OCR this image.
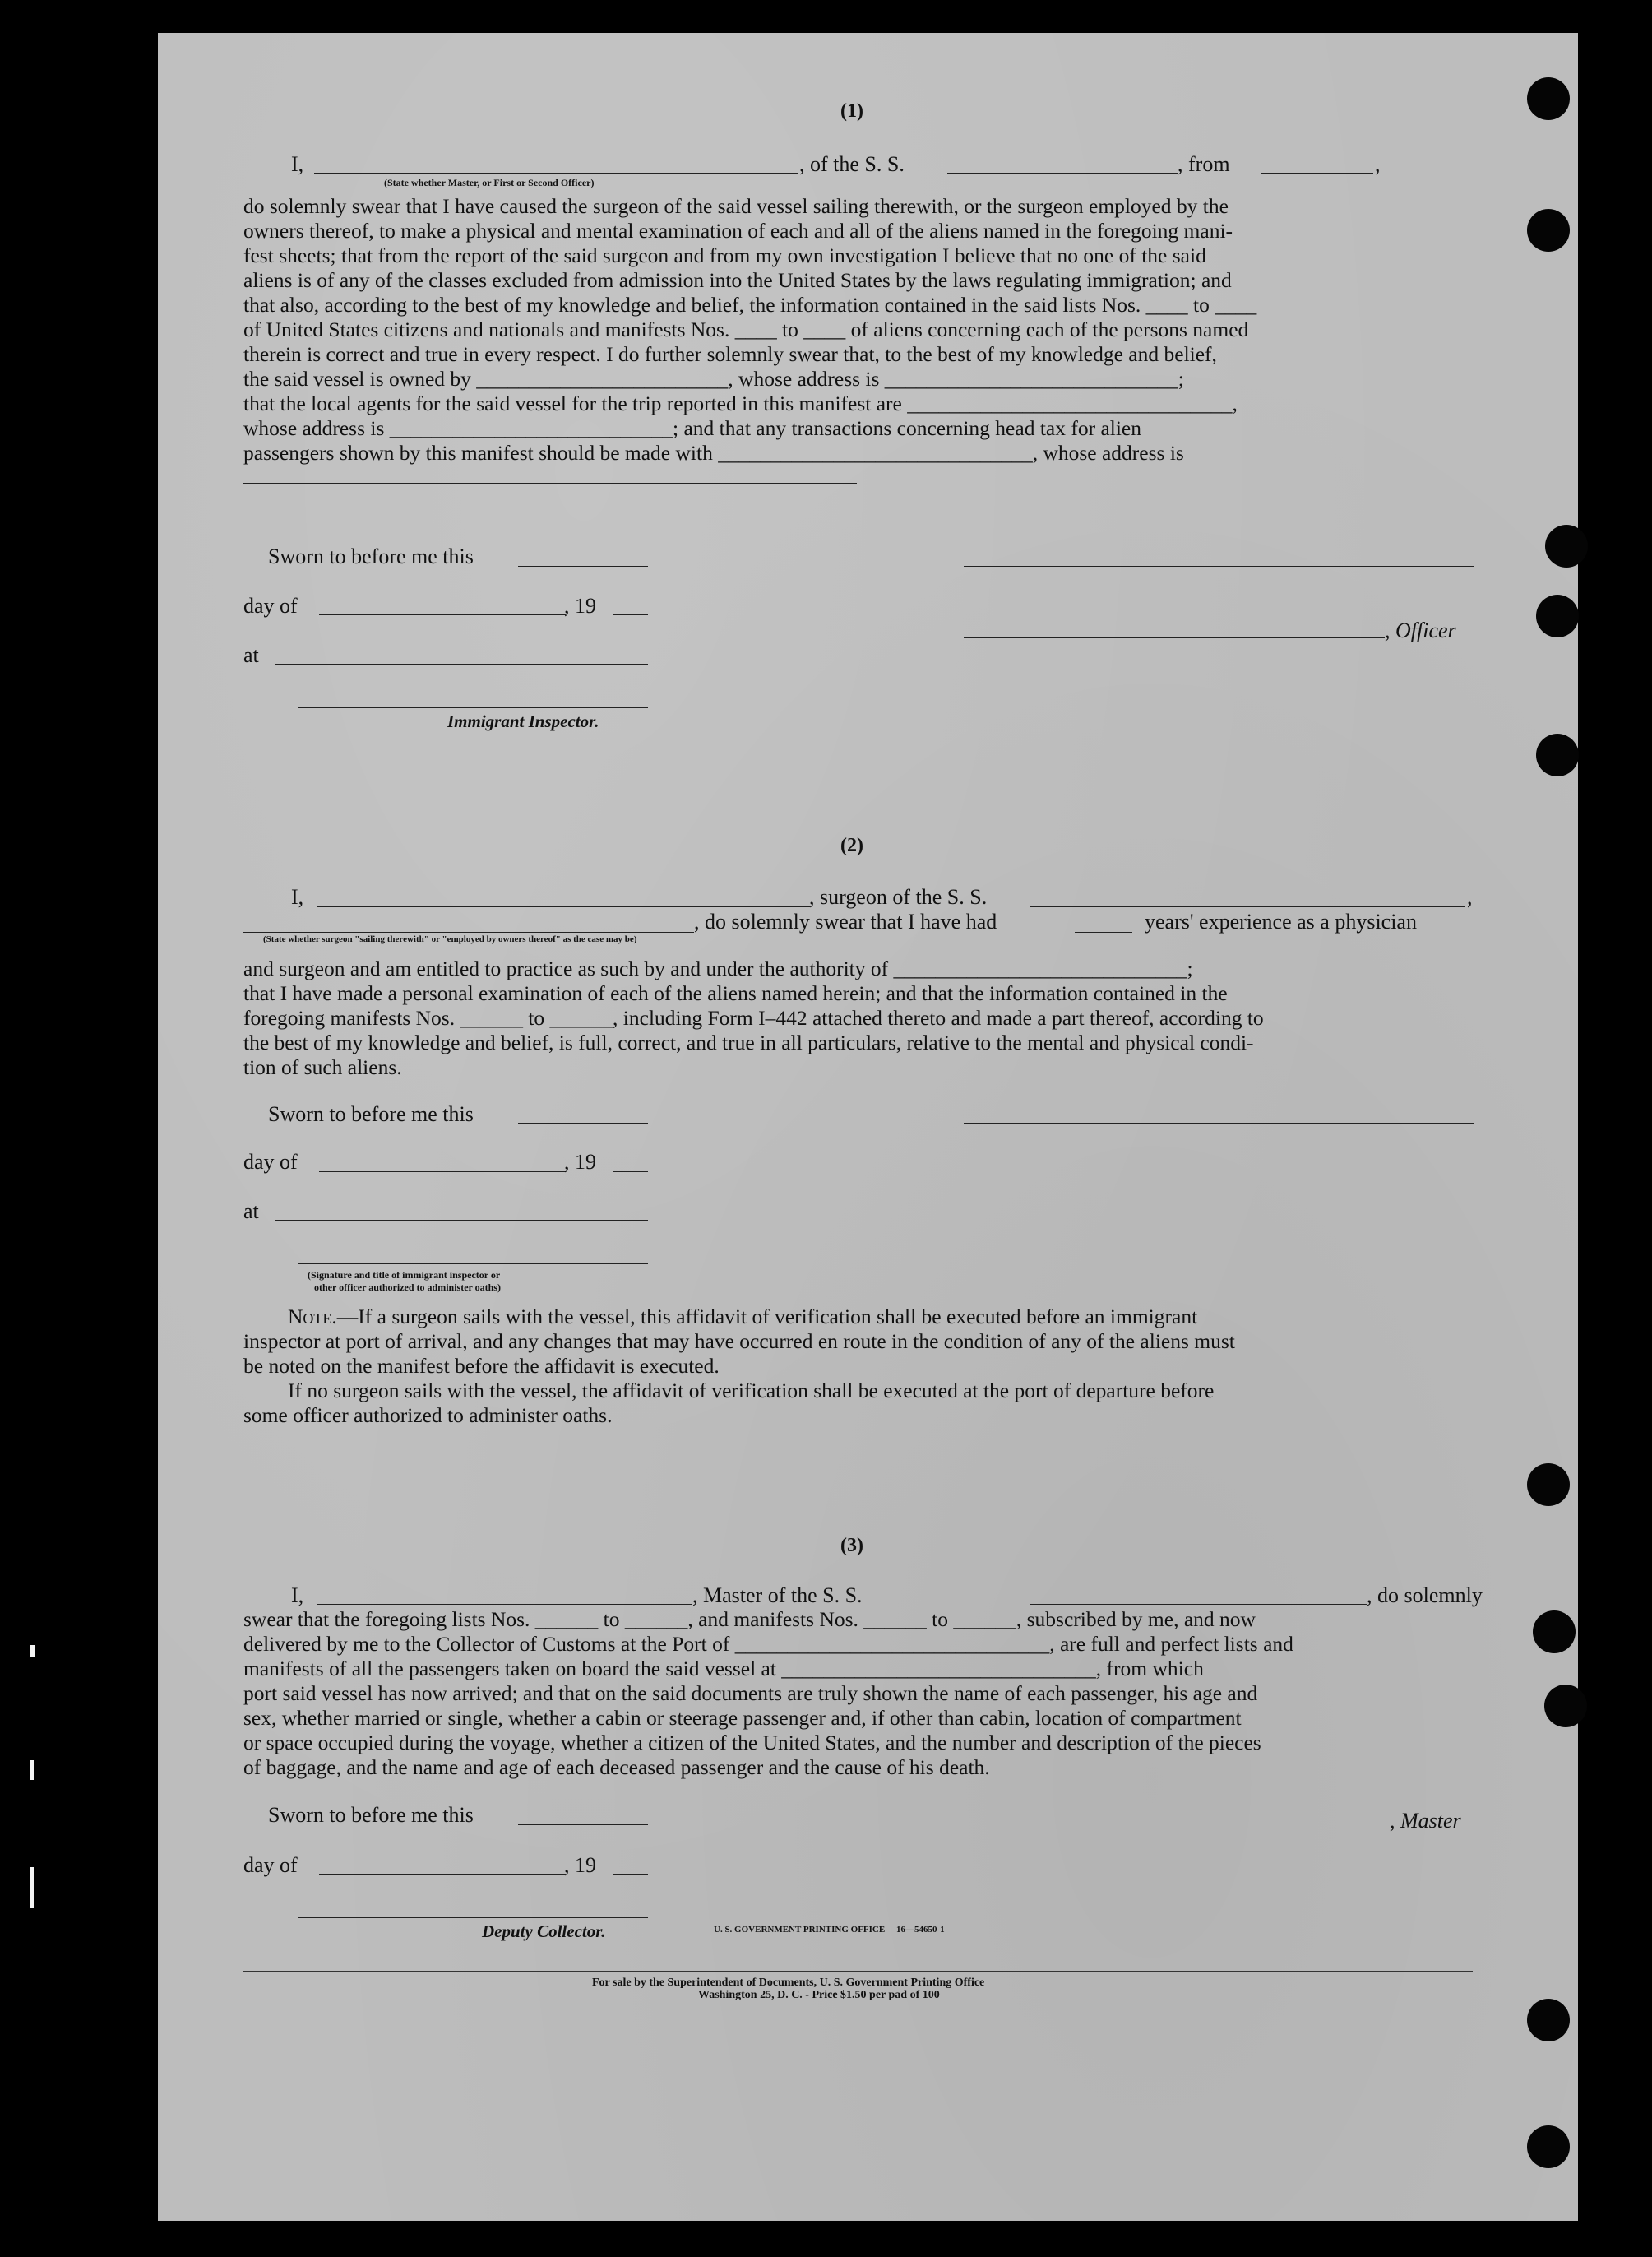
(1)
I,	, of the S. S.	, from	,
(State whether Master, or First or Second Officer)

do solemnly swear that I have caused the surgeon of the said vessel sailing therewith, or the surgeon employed by the

owners thereof, to make a physical and mental examination of each and all of the aliens named in the foregoing mani-

fest sheets; that from the report of the said surgeon and from my own investigation I believe that no one of the said

aliens is of any of the classes excluded from admission into the United States by the laws regulating immigration; and

that also, according to the best of my knowledge and belief, the information contained in the said lists Nos. ____ to ____

of United States citizens and nationals and manifests Nos. ____ to ____ of aliens concerning each of the persons named

therein is correct and true in every respect. I do further solemnly swear that, to the best of my knowledge and belief,

the said vessel is owned by ________________________, whose address is ____________________________;

that the local agents for the said vessel for the trip reported in this manifest are _______________________________,

whose address is ___________________________; and that any transactions concerning head tax for alien

passengers shown by this manifest should be made with ______________________________, whose address is

Sworn to before me this
day of	, 19
, Officer
at
Immigrant Inspector.
(2)
I,	, surgeon of the S. S.	,
, do solemnly swear that I have had	years' experience as a physician
(State whether surgeon "sailing therewith" or "employed by owners thereof" as the case may be)

and surgeon and am entitled to practice as such by and under the authority of ____________________________;

that I have made a personal examination of each of the aliens named herein; and that the information contained in the

foregoing manifests Nos. ______ to ______, including Form I–442 attached thereto and made a part thereof, according to

the best of my knowledge and belief, is full, correct, and true in all particulars, relative to the mental and physical condi-

tion of such aliens.

Sworn to before me this
day of	, 19
at
(Signature and title of immigrant inspector or
other officer authorized to administer oaths)

Note.—If a surgeon sails with the vessel, this affidavit of verification shall be executed before an immigrant

inspector at port of arrival, and any changes that may have occurred en route in the condition of any of the aliens must

be noted on the manifest before the affidavit is executed.

If no surgeon sails with the vessel, the affidavit of verification shall be executed at the port of departure before

some officer authorized to administer oaths.

(3)
I,	, Master of the S. S.	, do solemnly

swear that the foregoing lists Nos. ______ to ______, and manifests Nos. ______ to ______, subscribed by me, and now

delivered by me to the Collector of Customs at the Port of ______________________________, are full and perfect lists and

manifests of all the passengers taken on board the said vessel at ______________________________, from which

port said vessel has now arrived; and that on the said documents are truly shown the name of each passenger, his age and

sex, whether married or single, whether a cabin or steerage passenger and, if other than cabin, location of compartment

or space occupied during the voyage, whether a citizen of the United States, and the number and description of the pieces

of baggage, and the name and age of each deceased passenger and the cause of his death.

Sworn to before me this	, Master
day of	, 19
Deputy Collector.	U. S. GOVERNMENT PRINTING OFFICE     16—54650-1
For sale by the Superintendent of Documents, U. S. Government Printing Office
Washington 25, D. C. - Price $1.50 per pad of 100
